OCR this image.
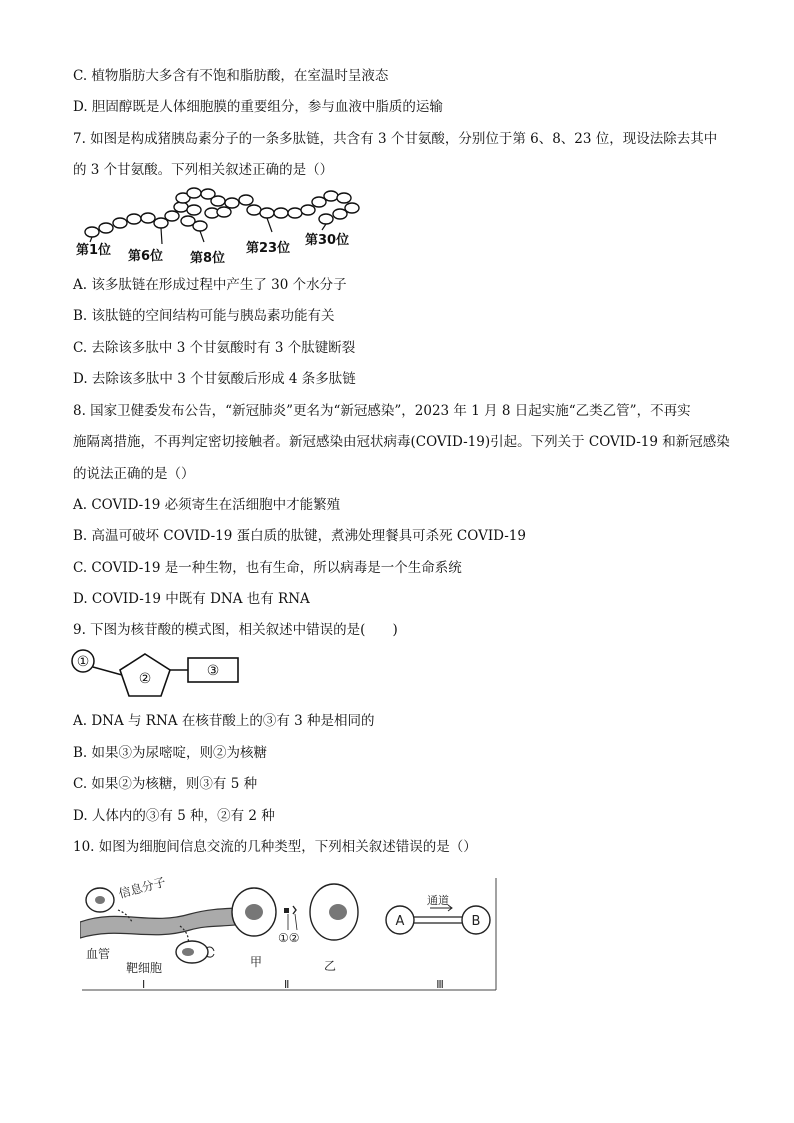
C. 植物脂肪大多含有不饱和脂肪酸，在室温时呈液态
D. 胆固醇既是人体细胞膜的重要组分，参与血液中脂质的运输
7. 如图是构成猪胰岛素分子的一条多肽链，共含有 3 个甘氨酸，分别位于第 6、8、23 位，现设法除去其中
的 3 个甘氨酸。下列相关叙述正确的是（）
第1位 第6位 第8位
第23位
第30位
A. 该多肽链在形成过程中产生了 30 个水分子
B. 该肽链的空间结构可能与胰岛素功能有关
C. 去除该多肽中 3 个甘氨酸时有 3 个肽键断裂
D. 去除该多肽中 3 个甘氨酸后形成 4 条多肽链
8. 国家卫健委发布公告，“新冠肺炎”更名为“新冠感染”，2023 年 1 月 8 日起实施“乙类乙管”，不再实
施隔离措施，不再判定密切接触者。新冠感染由冠状病毒(COVID-19)引起。下列关于 COVID-19 和新冠感染
的说法正确的是（）
A. COVID-19 必须寄生在活细胞中才能繁殖
B. 高温可破坏 COVID-19 蛋白质的肽键，煮沸处理餐具可杀死 COVID-19
C. COVID-19 是一种生物，也有生命，所以病毒是一个生命系统
D. COVID-19 中既有 DNA 也有 RNA
9. 下图为核苷酸的模式图，相关叙述中错误的是(　　)
①
②	③
A. DNA 与 RNA 在核苷酸上的③有 3 种是相同的
B. 如果③为尿嘧啶，则②为核糖
C. 如果②为核糖，则③有 5 种
D. 人体内的③有 5 种，②有 2 种
10. 如图为细胞间信息交流的几种类型，下列相关叙述错误的是（）
信息分子
血管
靶细胞
Ⅰ
①②
甲	乙
Ⅱ
A	B
通道
Ⅲ
